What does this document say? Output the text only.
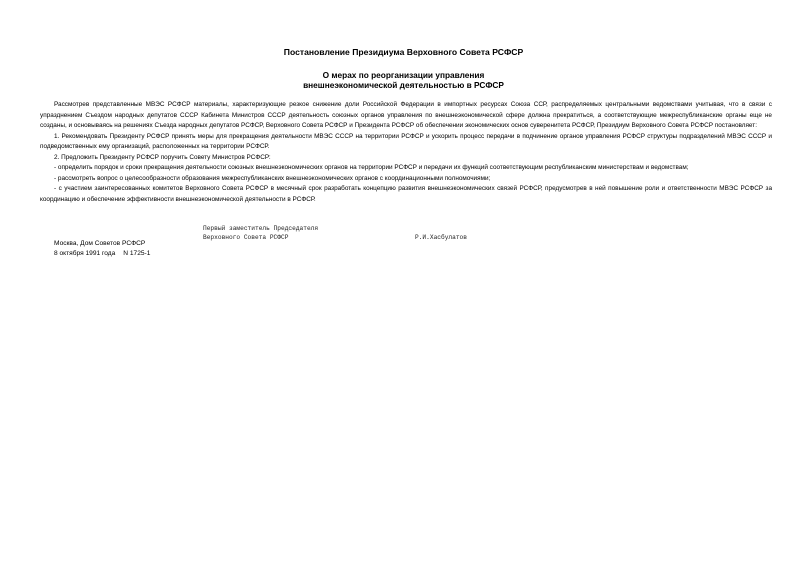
Постановление Президиума Верховного Совета РСФСР
О мерах по реорганизации управления
внешнеэкономической деятельностью в РСФСР

Рассмотрев представленные МВЭС РСФСР материалы, характеризующие резкое снижение доли Российской Федерации в импортных ресурсах Союза ССР, распределяемых центральными ведомствами учитывая, что в связи с упразднением Съездом народных депутатов СССР Кабинета Министров СССР деятельность союзных органов управления по внешнеэкономической сфере должна прекратиться, а соответствующие межреспубликанские органы еще не созданы, и основываясь на решениях Съезда народных депутатов РСФСР, Верховного Совета РСФСР и Президента РСФСР об обеспечении экономических основ суверенитета РСФСР, Президиум Верховного Совета РСФСР постановляет:

1. Рекомендовать Президенту РСФСР принять меры для прекращения деятельности МВЭС СССР на территории РСФСР и ускорить процесс передачи в подчинение органов управления РСФСР структуры подразделений МВЭС СССР и подведомственных ему организаций, расположенных на территории РСФСР.

2. Предложить Президенту РСФСР поручить Совету Министров РСФСР:

- определить порядок и сроки прекращения деятельности союзных внешнеэкономических органов на территории РСФСР и передачи их функций соответствующим республиканским министерствам и ведомствам;

- рассмотреть вопрос о целесообразности образования межреспубликанских внешнеэкономических органов с координационными полномочиями;

- с участием заинтересованных комитетов Верховного Совета РСФСР в месячный срок разработать концепцию развития внешнеэкономических связей РСФСР, предусмотрев в ней повышение роли и ответственности МВЭС РСФСР за координацию и обеспечение эффективности внешнеэкономической деятельности в РСФСР.

Первый заместитель Председателя
Верховного Совета РСФСР	Р.И.Хасбулатов
Москва, Дом Советов РСФСР
8 октября 1991 года N 1725-1
